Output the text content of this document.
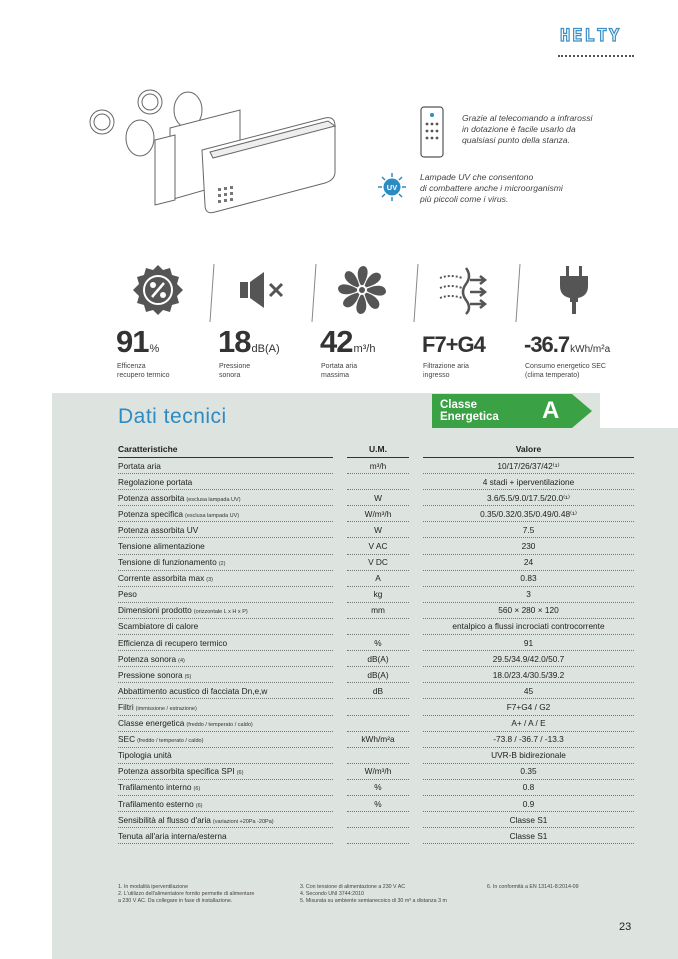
HELTY
Grazie al telecomando a infrarossi
in dotazione è facile usarlo da
qualsiasi punto della stanza.
UV
Lampade UV che consentono
di combattere anche i microorganismi
più piccoli come i virus.
91%
Efficenza
recupero termico
18dB(A)
Pressione
sonora
42m³/h
Portata aria
massima
F7+G4
Filtrazione aria
ingresso
-36.7kWh/m²a
Consumo energetico SEC
(clima temperato)
Dati tecnici	Classe
Energetica A
Caratteristiche		U.M.		Valore
Portata aria		m³/h		10/17/26/37/42⁽¹⁾
Regolazione portata				4 stadi + iperventilazione
Potenza assorbita (esclusa lampada UV)		W		3.6/5.5/9.0/17.5/20.0⁽¹⁾
Potenza specifica (esclusa lampada UV)		W/m³/h		0.35/0.32/0.35/0.49/0.48⁽¹⁾
Potenza assorbita UV		W		7.5
Tensione alimentazione		V AC		230
Tensione di funzionamento (2)		V DC		24
Corrente assorbita max (3)		A		0.83
Peso		kg		3
Dimensioni prodotto (orizzontale L x H x P)		mm		560 × 280 × 120
Scambiatore di calore				entalpico a flussi incrociati controcorrente
Efficienza di recupero termico		%		91
Potenza sonora (4)		dB(A)		29.5/34.9/42.0/50.7
Pressione sonora (5)		dB(A)		18.0/23.4/30.5/39.2
Abbattimento acustico di facciata Dn,e,w		dB		45
Filtri (immissione / estrazione)				F7+G4 / G2
Classe energetica (freddo / temperato / caldo)				A+ / A / E
SEC (freddo / temperato / caldo)		kWh/m²a		-73.8 / -36.7 / -13.3
Tipologia unità				UVR-B bidirezionale
Potenza assorbita specifica SPI (6)		W/m³/h		0.35
Trafilamento interno (6)		%		0.8
Trafilamento esterno (6)		%		0.9
Sensibilità al flusso d'aria (variazioni +20Pa -20Pa)				Classe S1
Tenuta all'aria interna/esterna				Classe S1
1. In modalità iperventilazione
2. L'utilizzo dell'alimentatore fornito permette di alimentare
a 230 V AC. Da collegare in fase di installazione.
3. Con tensione di alimentazione a 230 V AC
4. Secondo UNI 3744:2010
5. Misurata su ambiente semianecoico di 30 m³ a distanza 3 m
6. In conformità a EN 13141-8:2014-09
23
